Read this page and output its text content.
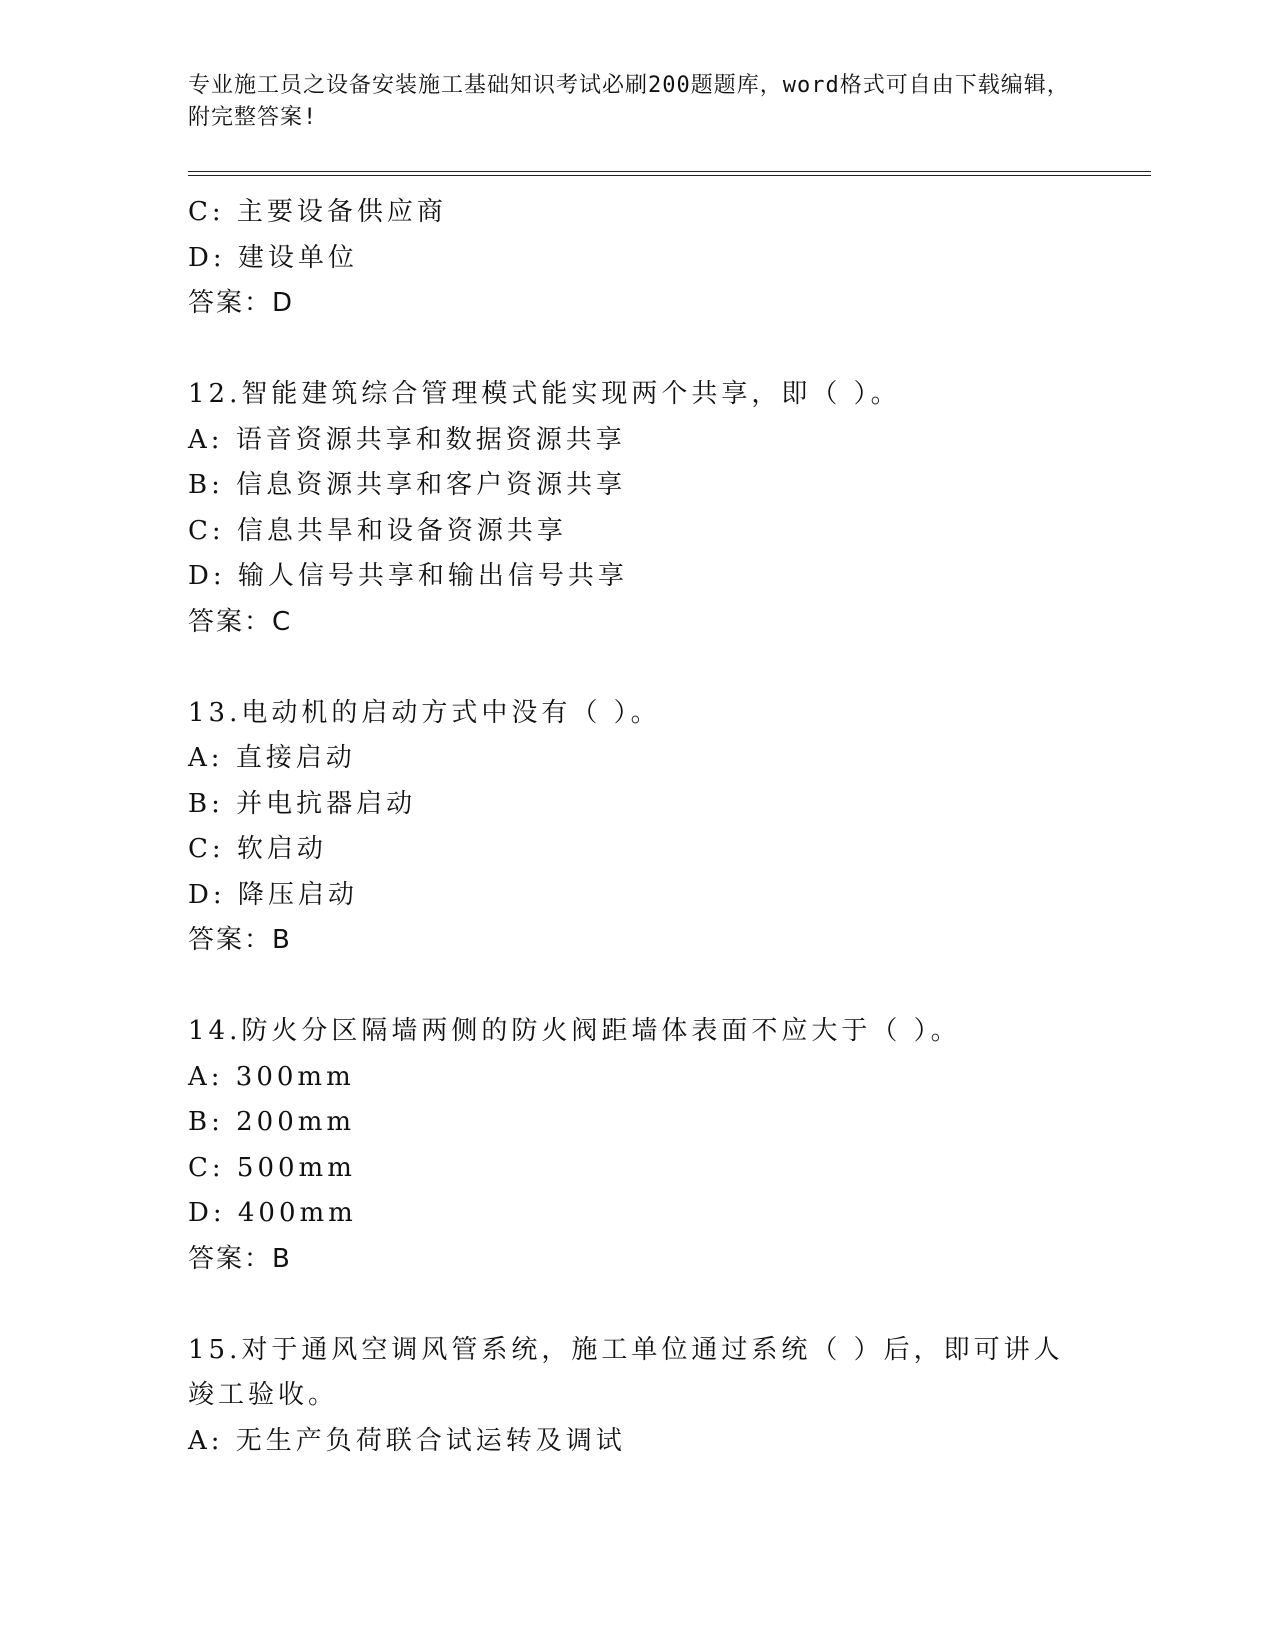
专业施工员之设备安装施工基础知识考试必刷200题题库，word格式可自由下载编辑，附完整答案!
C: 主要设备供应商
D: 建设单位
答案：D
12.智能建筑综合管理模式能实现两个共享，即（ ）。
A: 语音资源共享和数据资源共享
B: 信息资源共享和客户资源共享
C: 信息共旱和设备资源共享
D: 输人信号共享和输出信号共享
答案：C
13.电动机的启动方式中没有（ ）。
A: 直接启动
B: 并电抗器启动
C: 软启动
D: 降压启动
答案：B
14.防火分区隔墙两侧的防火阀距墙体表面不应大于（ ）。
A: 300mm
B: 200mm
C: 500mm
D: 400mm
答案：B
15.对于通风空调风管系统，施工单位通过系统（ ）后，即可讲人竣工验收。
A: 无生产负荷联合试运转及调试
